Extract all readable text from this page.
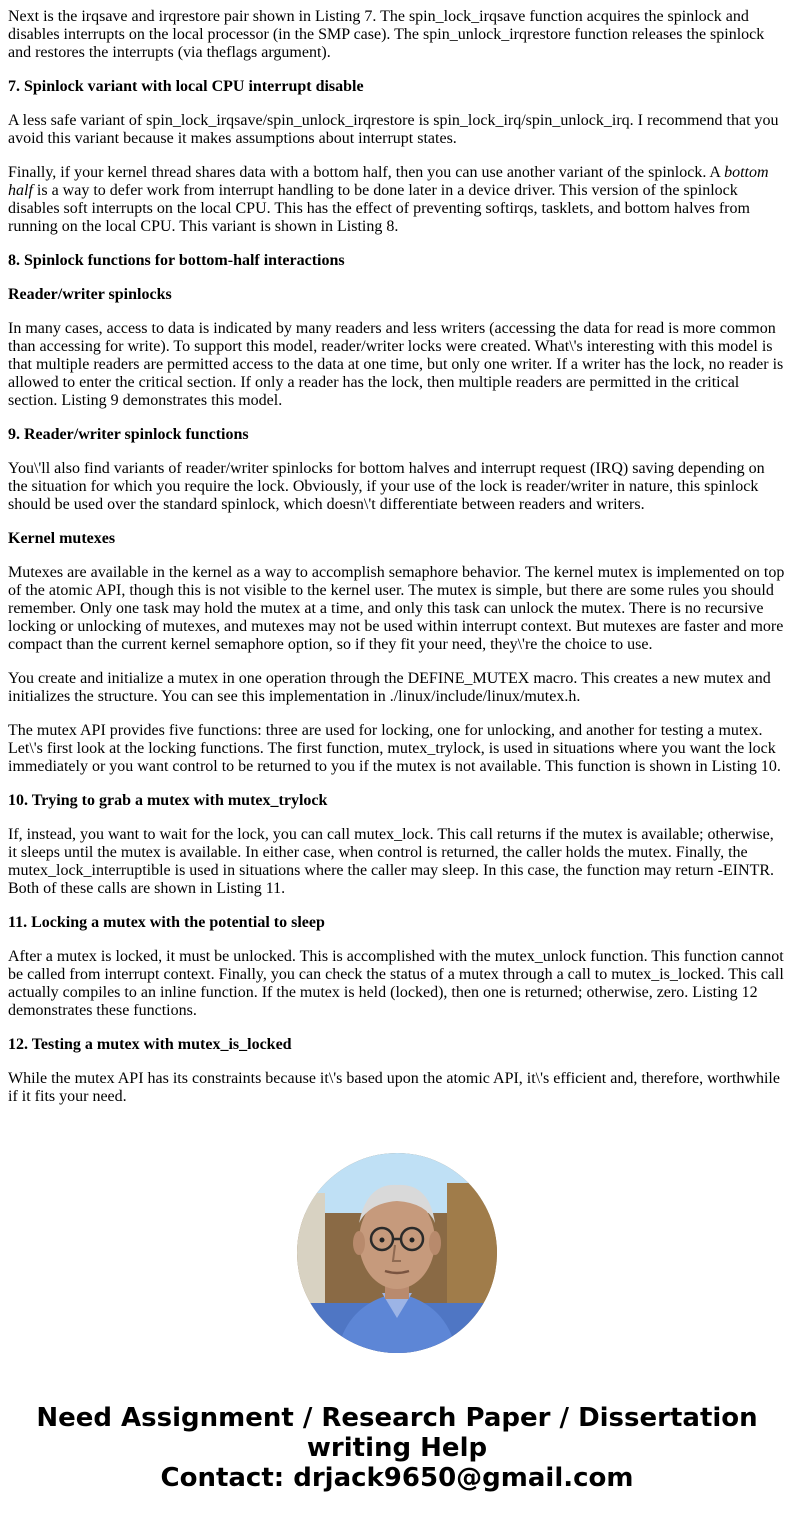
Next is the irqsave and irqrestore pair shown in Listing 7. The spin_lock_irqsave function acquires the spinlock and disables interrupts on the local processor (in the SMP case). The spin_unlock_irqrestore function releases the spinlock and restores the interrupts (via theflags argument).

7. Spinlock variant with local CPU interrupt disable

A less safe variant of spin_lock_irqsave/spin_unlock_irqrestore is spin_lock_irq/spin_unlock_irq. I recommend that you avoid this variant because it makes assumptions about interrupt states.

Finally, if your kernel thread shares data with a bottom half, then you can use another variant of the spinlock. A bottom half is a way to defer work from interrupt handling to be done later in a device driver. This version of the spinlock disables soft interrupts on the local CPU. This has the effect of preventing softirqs, tasklets, and bottom halves from running on the local CPU. This variant is shown in Listing 8.

8. Spinlock functions for bottom-half interactions

Reader/writer spinlocks

In many cases, access to data is indicated by many readers and less writers (accessing the data for read is more common than accessing for write). To support this model, reader/writer locks were created. What\'s interesting with this model is that multiple readers are permitted access to the data at one time, but only one writer. If a writer has the lock, no reader is allowed to enter the critical section. If only a reader has the lock, then multiple readers are permitted in the critical section. Listing 9 demonstrates this model.

9. Reader/writer spinlock functions

You\'ll also find variants of reader/writer spinlocks for bottom halves and interrupt request (IRQ) saving depending on the situation for which you require the lock. Obviously, if your use of the lock is reader/writer in nature, this spinlock should be used over the standard spinlock, which doesn\'t differentiate between readers and writers.

Kernel mutexes

Mutexes are available in the kernel as a way to accomplish semaphore behavior. The kernel mutex is implemented on top of the atomic API, though this is not visible to the kernel user. The mutex is simple, but there are some rules you should remember. Only one task may hold the mutex at a time, and only this task can unlock the mutex. There is no recursive locking or unlocking of mutexes, and mutexes may not be used within interrupt context. But mutexes are faster and more compact than the current kernel semaphore option, so if they fit your need, they\'re the choice to use.

You create and initialize a mutex in one operation through the DEFINE_MUTEX macro. This creates a new mutex and initializes the structure. You can see this implementation in ./linux/include/linux/mutex.h.

The mutex API provides five functions: three are used for locking, one for unlocking, and another for testing a mutex. Let\'s first look at the locking functions. The first function, mutex_trylock, is used in situations where you want the lock immediately or you want control to be returned to you if the mutex is not available. This function is shown in Listing 10.

10. Trying to grab a mutex with mutex_trylock

If, instead, you want to wait for the lock, you can call mutex_lock. This call returns if the mutex is available; otherwise, it sleeps until the mutex is available. In either case, when control is returned, the caller holds the mutex. Finally, the mutex_lock_interruptible is used in situations where the caller may sleep. In this case, the function may return -EINTR. Both of these calls are shown in Listing 11.

11. Locking a mutex with the potential to sleep

After a mutex is locked, it must be unlocked. This is accomplished with the mutex_unlock function. This function cannot be called from interrupt context. Finally, you can check the status of a mutex through a call to mutex_is_locked. This call actually compiles to an inline function. If the mutex is held (locked), then one is returned; otherwise, zero. Listing 12 demonstrates these functions.

12. Testing a mutex with mutex_is_locked

While the mutex API has its constraints because it\'s based upon the atomic API, it\'s efficient and, therefore, worthwhile if it fits your need.

Need Assignment / Research Paper / Dissertation
writing Help
Contact: drjack9650@gmail.com
